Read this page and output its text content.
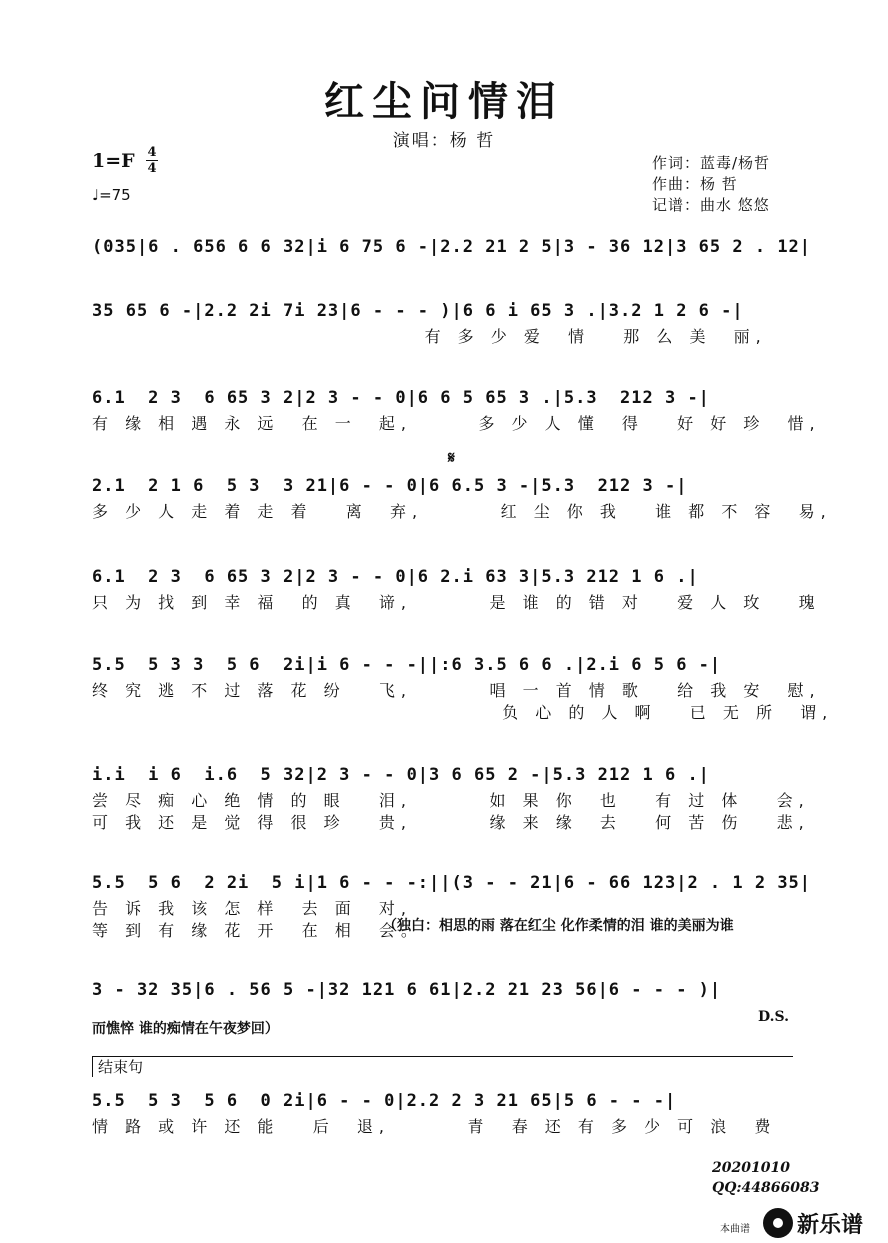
红尘问情泪
演唱：杨 哲
1=F 4
4
♩=75
作词：蓝毒/杨哲
作曲：杨 哲
记谱：曲水 悠悠
𝄋
(035|6 . 656 6 6 32|i 6 75 6 -|2.2 21 2 5|3 - 36 12|3 65 2 . 12|
35 65 6 -|2.2 2i 7i 23|6 - - - )|6 6 i 65 3 .|3.2 1 2 6 -|
有 多 少 爱  情   那 么 美  丽,
6.1  2 3  6 65 3 2|2 3 - - 0|6 6 5 65 3 .|5.3  212 3 -|
有 缘 相 遇 永 远  在 一  起,      多 少 人 懂  得   好 好 珍  惜,
2.1  2 1 6  5 3  3 21|6 - - 0|6 6.5 3 -|5.3  212 3 -|
多 少 人 走 着 走 着   离  弃,       红 尘 你 我   谁 都 不 容  易,
6.1  2 3  6 65 3 2|2 3 - - 0|6 2.i 63 3|5.3 212 1 6 .|
只 为 找 到 幸 福  的 真  谛,       是 谁 的 错 对   爱 人 玫   瑰
5.5  5 3 3  5 6  2i|i 6 - - -||:6 3.5 6 6 .|2.i 6 5 6 -|
终 究 逃 不 过 落 花 纷   飞,       唱 一 首 情 歌   给 我 安  慰,
负 心 的 人 啊   已 无 所  谓,
i.i  i 6  i.6  5 32|2 3 - - 0|3 6 65 2 -|5.3 212 1 6 .|
尝 尽 痴 心 绝 情 的 眼   泪,       如 果 你  也   有 过 体   会,
可 我 还 是 觉 得 很 珍   贵,       缘 来 缘  去   何 苦 伤   悲,
5.5  5 6  2 2i  5 i|1 6 - - -:||(3 - - 21|6 - 66 123|2 . 1 2 35|
告 诉 我 该 怎 样  去 面  对,
等 到 有 缘 花 开  在 相  会。
（独白：相思的雨 落在红尘 化作柔情的泪 谁的美丽为谁
3 - 32 35|6 . 56 5 -|32 121 6 61|2.2 21 23 56|6 - - - )|
而憔悴 谁的痴情在午夜梦回）
D.S.
结束句
5.5  5 3  5 6  0 2i|6 - - 0|2.2 2 3 21 65|5 6 - - -|
情 路 或 许 还 能   后  退,       青  春 还 有 多 少 可 浪  费
20201010
QQ:44866083
本曲谱 新乐谱
